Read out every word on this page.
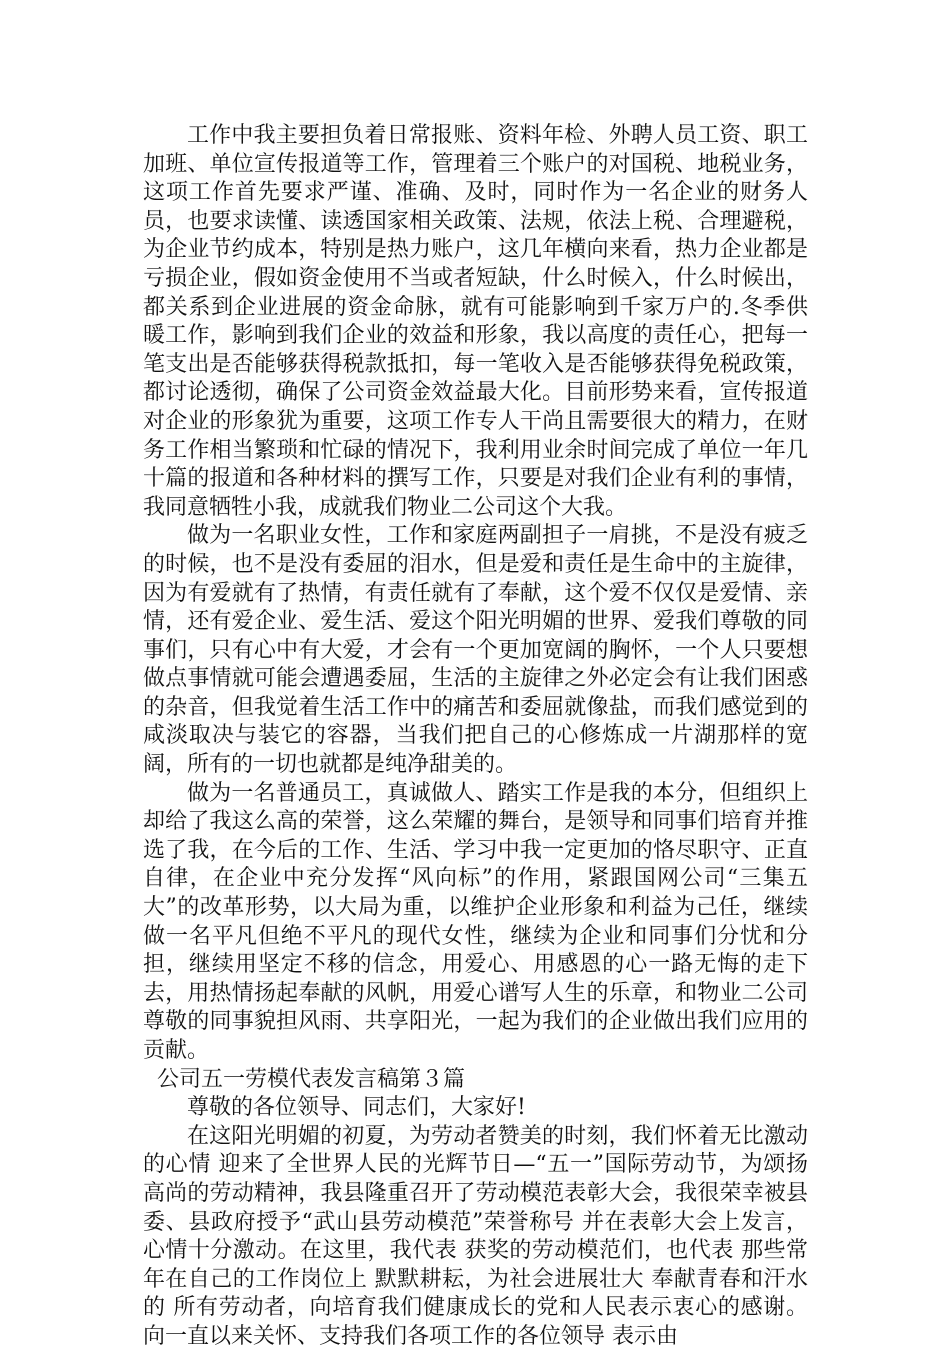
工作中我主要担负着日常报账、资料年检、外聘人员工资、职工加班、单位宣传报道等工作，管理着三个账户的对国税、地税业务，这项工作首先要求严谨、准确、及时，同时作为一名企业的财务人员，也要求读懂、读透国家相关政策、法规，依法上税、合理避税，为企业节约成本，特别是热力账户，这几年横向来看，热力企业都是亏损企业，假如资金使用不当或者短缺，什么时候入，什么时候出，都关系到企业进展的资金命脉，就有可能影响到千家万户的.冬季供暖工作，影响到我们企业的效益和形象，我以高度的责任心，把每一笔支出是否能够获得税款抵扣，每一笔收入是否能够获得免税政策，都讨论透彻，确保了公司资金效益最大化。目前形势来看，宣传报道对企业的形象犹为重要，这项工作专人干尚且需要很大的精力，在财务工作相当繁琐和忙碌的情况下，我利用业余时间完成了单位一年几十篇的报道和各种材料的撰写工作，只要是对我们企业有利的事情，我同意牺牲小我，成就我们物业二公司这个大我。

做为一名职业女性，工作和家庭两副担子一肩挑，不是没有疲乏的时候，也不是没有委屈的泪水，但是爱和责任是生命中的主旋律，因为有爱就有了热情，有责任就有了奉献，这个爱不仅仅是爱情、亲情，还有爱企业、爱生活、爱这个阳光明媚的世界、爱我们尊敬的同事们，只有心中有大爱，才会有一个更加宽阔的胸怀，一个人只要想做点事情就可能会遭遇委屈，生活的主旋律之外必定会有让我们困惑的杂音，但我觉着生活工作中的痛苦和委屈就像盐，而我们感觉到的咸淡取决与装它的容器，当我们把自己的心修炼成一片湖那样的宽阔，所有的一切也就都是纯净甜美的。

做为一名普通员工，真诚做人、踏实工作是我的本分，但组织上却给了我这么高的荣誉，这么荣耀的舞台，是领导和同事们培育并推选了我，在今后的工作、生活、学习中我一定更加的恪尽职守、正直自律，在企业中充分发挥“风向标”的作用，紧跟国网公司“三集五大”的改革形势，以大局为重，以维护企业形象和利益为己任，继续做一名平凡但绝不平凡的现代女性，继续为企业和同事们分忧和分担，继续用坚定不移的信念，用爱心、用感恩的心一路无悔的走下去，用热情扬起奉献的风帆，用爱心谱写人生的乐章，和物业二公司尊敬的同事貌担风雨、共享阳光，一起为我们的企业做出我们应用的贡献。

公司五一劳模代表发言稿第３篇

尊敬的各位领导、同志们，大家好!

在这阳光明媚的初夏，为劳动者赞美的时刻，我们怀着无比激动的心情 迎来了全世界人民的光辉节日—“五一”国际劳动节，为颂扬高尚的劳动精神，我县隆重召开了劳动模范表彰大会，我很荣幸被县委、县政府授予“武山县劳动模范”荣誉称号 并在表彰大会上发言，心情十分激动。在这里，我代表 获奖的劳动模范们，也代表 那些常年在自己的工作岗位上 默默耕耘，为社会进展壮大 奉献青春和汗水的 所有劳动者，向培育我们健康成长的党和人民表示衷心的感谢。向一直以来关怀、支持我们各项工作的各位领导 表示由
